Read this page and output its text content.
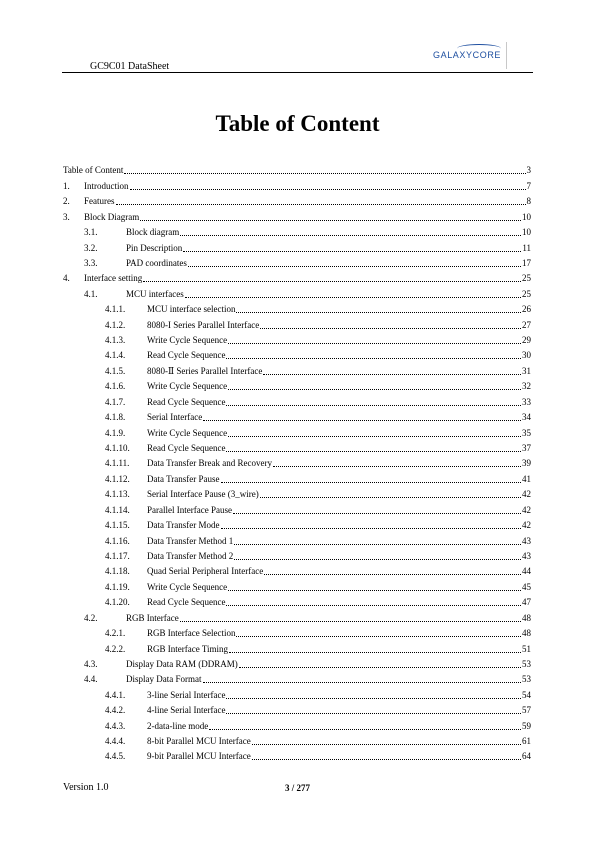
GC9C01 DataSheet
GALAXYCORE
Table of Content
Table of Content	3
1.	Introduction	7
2.	Features	8
3.	Block Diagram	10
3.1.	Block diagram	10
3.2.	Pin Description	11
3.3.	PAD coordinates	17
4.	Interface setting	25
4.1.	MCU interfaces	25
4.1.1.	MCU interface selection	26
4.1.2.	8080-I Series Parallel Interface	27
4.1.3.	Write Cycle Sequence	29
4.1.4.	Read Cycle Sequence	30
4.1.5.	8080-Ⅱ Series Parallel Interface	31
4.1.6.	Write Cycle Sequence	32
4.1.7.	Read Cycle Sequence	33
4.1.8.	Serial Interface	34
4.1.9.	Write Cycle Sequence	35
4.1.10.	Read Cycle Sequence	37
4.1.11.	Data Transfer Break and Recovery	39
4.1.12.	Data Transfer Pause	41
4.1.13.	Serial Interface Pause (3_wire)	42
4.1.14.	Parallel Interface Pause	42
4.1.15.	Data Transfer Mode	42
4.1.16.	Data Transfer Method 1	43
4.1.17.	Data Transfer Method 2	43
4.1.18.	Quad Serial Peripheral Interface	44
4.1.19.	Write Cycle Sequence	45
4.1.20.	Read Cycle Sequence	47
4.2.	RGB Interface	48
4.2.1.	RGB Interface Selection	48
4.2.2.	RGB Interface Timing	51
4.3.	Display Data RAM (DDRAM)	53
4.4.	Display Data Format	53
4.4.1.	3-line Serial Interface	54
4.4.2.	4-line Serial Interface	57
4.4.3.	2-data-line mode	59
4.4.4.	8-bit Parallel MCU Interface	61
4.4.5.	9-bit Parallel MCU Interface	64
Version 1.0	3 / 277
